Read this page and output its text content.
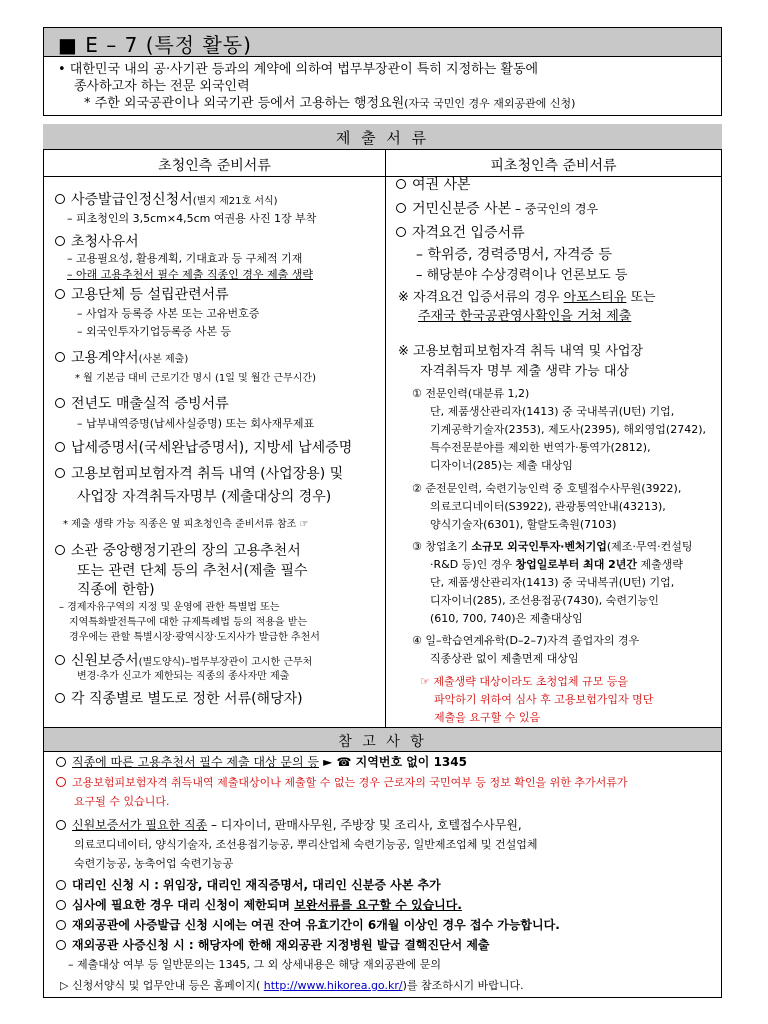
■ E – 7 (특정 활동)
• 대한민국 내의 공·사기관 등과의 계약에 의하여 법무부장관이 특히 지정하는 활동에
종사하고자 하는 전문 외국인력
* 주한 외국공관이나 외국기관 등에서 고용하는 행정요원(자국 국민인 경우 재외공관에 신청)
제 출 서 류
초청인측 준비서류	피초청인측 준비서류
사증발급인정신청서(별지 제21호 서식)
– 피초청인의 3,5cm×4,5cm 여권용 사진 1장 부착
초청사유서
– 고용필요성, 활용계획, 기대효과 등 구체적 기재
– 아래 고용추천서 필수 제출 직종인 경우 제출 생략
고용단체 등 설립관련서류
– 사업자 등록증 사본 또는 고유번호증
– 외국인투자기업등록증 사본 등
고용계약서(사본 제출)
* 월 기본급 대비 근로기간 명시 (1일 및 월간 근무시간)
전년도 매출실적 증빙서류
– 납부내역증명(납세사실증명) 또는 회사재무제표
납세증명서(국세완납증명서), 지방세 납세증명
고용보험피보험자격 취득 내역 (사업장용) 및
사업장 자격취득자명부 (제출대상의 경우)
* 제출 생략 가능 직종은 옆 피초청인측 준비서류 참조 ☞
소관 중앙행정기관의 장의 고용추천서
또는 관련 단체 등의 추천서(제출 필수
직종에 한함)
– 경제자유구역의 지정 및 운영에 관한 특별법 또는
지역특화발전특구에 대한 규제특례법 등의 적용을 받는
경우에는 관할 특별시장·광역시장·도지사가 발급한 추천서
신원보증서(별도양식)–법무부장관이 고시한 근무처
변경·추가 신고가 제한되는 직종의 종사자만 제출
각 직종별로 별도로 정한 서류(해당자)
여권 사본
거민신분증 사본 – 중국인의 경우
자격요건 입증서류
– 학위증, 경력증명서, 자격증 등
– 해당분야 수상경력이나 언론보도 등
※ 자격요건 입증서류의 경우 아포스티유 또는
주재국 한국공관영사확인을 거쳐 제출
※ 고용보험피보험자격 취득 내역 및 사업장
자격취득자 명부 제출 생략 가능 대상
① 전문인력(대분류 1,2)
단, 제품생산관리자(1413) 중 국내복귀(U턴) 기업,
기계공학기술자(2353), 제도사(2395), 해외영업(2742),
특수전문분야를 제외한 번역가·통역가(2812),
디자이너(285)는 제출 대상임
② 준전문인력, 숙련기능인력 중 호텔접수사무원(3922),
의료코디네이터(S3922), 관광통역안내(43213),
양식기술자(6301), 할랄도축원(7103)
③ 창업초기 소규모 외국인투자·벤처기업(제조·무역·컨설팅
·R&D 등)인 경우 창업일로부터 최대 2년간 제출생략
단, 제품생산관리자(1413) 중 국내복귀(U턴) 기업,
디자이너(285), 조선용접공(7430), 숙련기능인
(610, 700, 740)은 제출대상임
④ 일–학습연계유학(D–2–7)자격 졸업자의 경우
직종상관 없이 제출면제 대상임
☞ 제출생략 대상이라도 초청업체 규모 등을
파악하기 위하여 심사 후 고용보험가입자 명단
제출을 요구할 수 있음
참 고 사 항
직종에 따른 고용추천서 필수 제출 대상 문의 등 ► ☎ 지역번호 없이 1345
고용보험피보험자격 취득내역 제출대상이나 제출할 수 없는 경우 근로자의 국민여부 등 정보 확인을 위한 추가서류가
요구될 수 있습니다.
신원보증서가 필요한 직종 – 디자이너, 판매사무원, 주방장 및 조리사, 호텔접수사무원,
의료코디네이터, 양식기술자, 조선용접기능공, 뿌리산업체 숙련기능공, 일반제조업체 및 건설업체
숙련기능공, 농축어업 숙련기능공
대리인 신청 시 : 위임장, 대리인 재직증명서, 대리인 신분증 사본 추가
심사에 필요한 경우 대리 신청이 제한되며 보완서류를 요구할 수 있습니다.
재외공관에 사증발급 신청 시에는 여권 잔여 유효기간이 6개월 이상인 경우 접수 가능합니다.
재외공관 사증신청 시 : 해당자에 한해 재외공관 지정병원 발급 결핵진단서 제출
– 제출대상 여부 등 일반문의는 1345, 그 외 상세내용은 해당 재외공관에 문의
▷ 신청서양식 및 업무안내 등은 홈페이지( http://www.hikorea.go.kr/)를 참조하시기 바랍니다.
